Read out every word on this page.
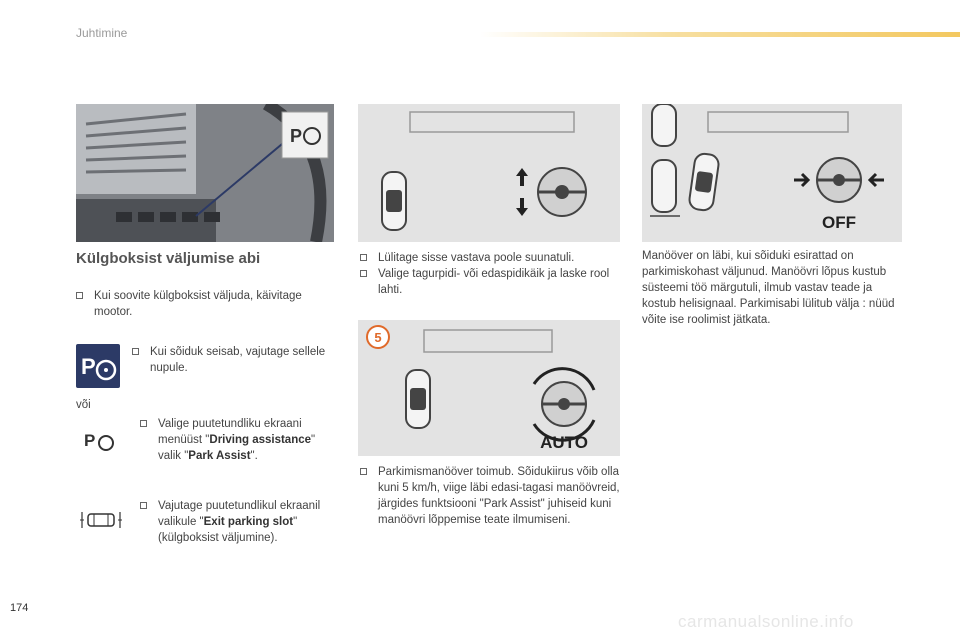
Juhtimine
P
Külgboksist väljumise abi
Kui soovite külgboksist väljuda, käivitage mootor.
P
Kui sõiduk seisab, vajutage sellele nupule.
või
P
Valige puutetundliku ekraani menüüst "Driving assistance" valik "Park Assist".
Vajutage puutetundlikul ekraanil valikule "Exit parking slot" (külgboksist väljumine).
Lülitage sisse vastava poole suunatuli.
Valige tagurpidi- või edaspidikäik ja laske rool lahti.
5
AUTO
Parkimismanööver toimub. Sõidukiirus võib olla kuni 5 km/h, viige läbi edasi-tagasi manöövreid, järgides funktsiooni "Park Assist" juhiseid kuni manöövri lõppemise teate ilmumiseni.
OFF
Manööver on läbi, kui sõiduki esirattad on parkimiskohast väljunud. Manöövri lõpus kustub süsteemi töö märgutuli, ilmub vastav teade ja kostub helisignaal. Parkimisabi lülitub välja : nüüd võite ise roolimist jätkata.
174
carmanualsonline.info
